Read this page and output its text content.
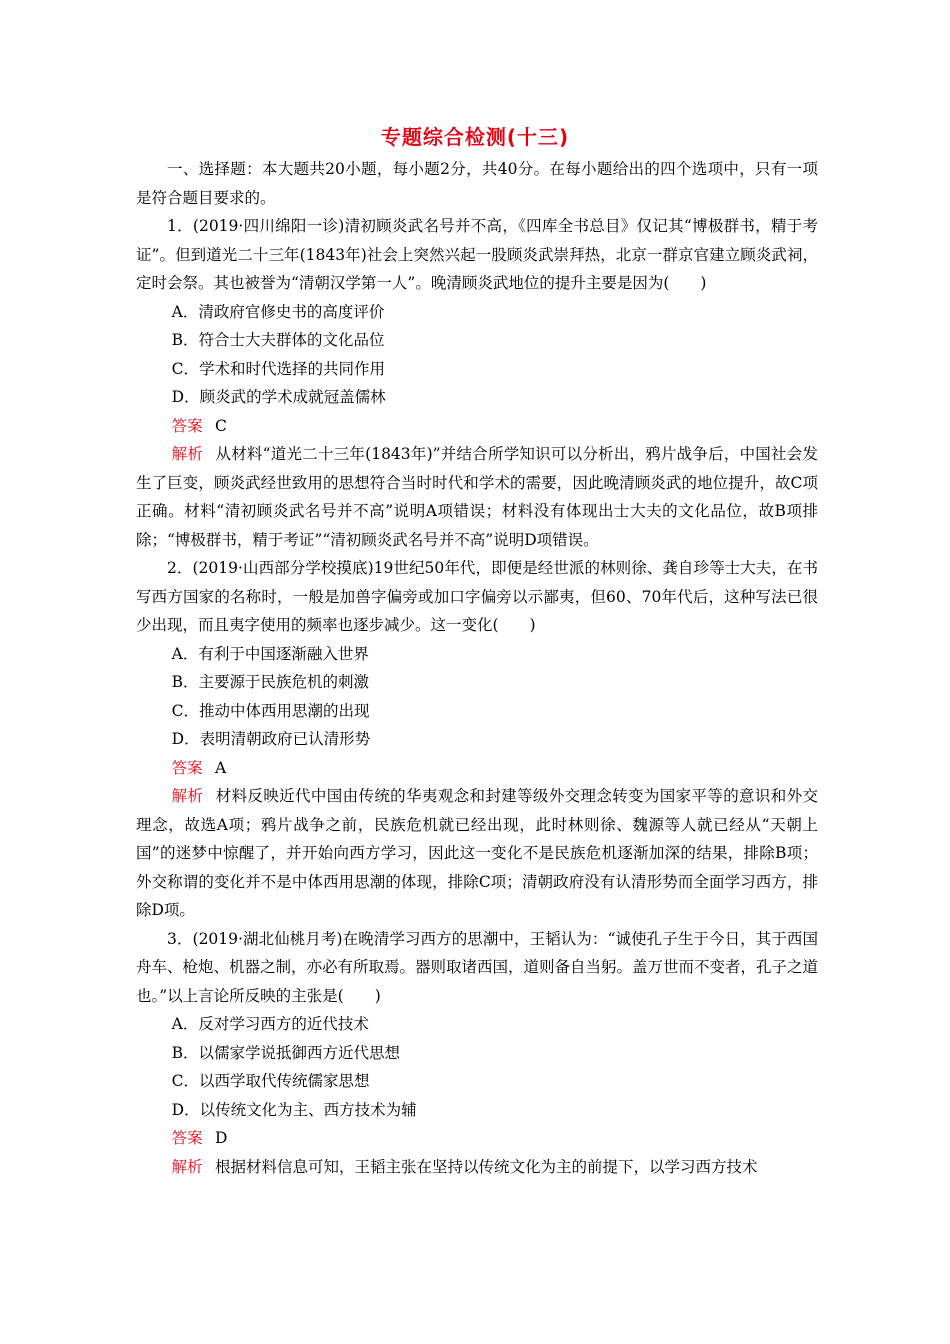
专题综合检测(十三)

一、选择题：本大题共20小题，每小题2分，共40分。在每小题给出的四个选项中，只有一项是符合题目要求的。

1．(2019·四川绵阳一诊)清初顾炎武名号并不高，《四库全书总目》仅记其“博极群书，精于考证”。但到道光二十三年(1843年)社会上突然兴起一股顾炎武崇拜热，北京一群京官建立顾炎武祠，定时会祭。其也被誉为“清朝汉学第一人”。晚清顾炎武地位的提升主要是因为(　　)

A．清政府官修史书的高度评价

B．符合士大夫群体的文化品位

C．学术和时代选择的共同作用

D．顾炎武的学术成就冠盖儒林

答案 C

解析 从材料“道光二十三年(1843年)”并结合所学知识可以分析出，鸦片战争后，中国社会发生了巨变，顾炎武经世致用的思想符合当时时代和学术的需要，因此晚清顾炎武的地位提升，故C项正确。材料“清初顾炎武名号并不高”说明A项错误；材料没有体现出士大夫的文化品位，故B项排除；“博极群书，精于考证”“清初顾炎武名号并不高”说明D项错误。

2．(2019·山西部分学校摸底)19世纪50年代，即便是经世派的林则徐、龚自珍等士大夫，在书写西方国家的名称时，一般是加兽字偏旁或加口字偏旁以示鄙夷，但60、70年代后，这种写法已很少出现，而且夷字使用的频率也逐步减少。这一变化(　　)

A．有利于中国逐渐融入世界

B．主要源于民族危机的刺激

C．推动中体西用思潮的出现

D．表明清朝政府已认清形势

答案 A

解析 材料反映近代中国由传统的华夷观念和封建等级外交理念转变为国家平等的意识和外交理念，故选A项；鸦片战争之前，民族危机就已经出现，此时林则徐、魏源等人就已经从“天朝上国”的迷梦中惊醒了，并开始向西方学习，因此这一变化不是民族危机逐渐加深的结果，排除B项；外交称谓的变化并不是中体西用思潮的体现，排除C项；清朝政府没有认清形势而全面学习西方，排除D项。

3．(2019·湖北仙桃月考)在晚清学习西方的思潮中，王韬认为：“诚使孔子生于今日，其于西国舟车、枪炮、机器之制，亦必有所取焉。器则取诸西国，道则备自当躬。盖万世而不变者，孔子之道也。”以上言论所反映的主张是(　　)

A．反对学习西方的近代技术

B．以儒家学说抵御西方近代思想

C．以西学取代传统儒家思想

D．以传统文化为主、西方技术为辅

答案 D

解析 根据材料信息可知，王韬主张在坚持以传统文化为主的前提下，以学习西方技术
